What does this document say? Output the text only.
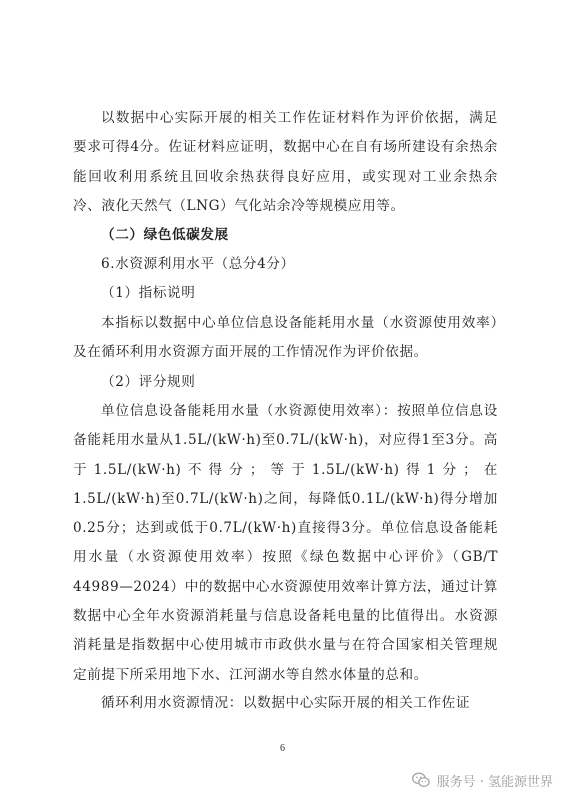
以数据中心实际开展的相关工作佐证材料作为评价依据，满足要求可得4分。佐证材料应证明，数据中心在自有场所建设有余热余能回收利用系统且回收余热获得良好应用，或实现对工业余热余冷、液化天然气（LNG）气化站余冷等规模应用等。

（二）绿色低碳发展

6.水资源利用水平（总分4分）

（1）指标说明

本指标以数据中心单位信息设备能耗用水量（水资源使用效率）及在循环利用水资源方面开展的工作情况作为评价依据。

（2）评分规则

单位信息设备能耗用水量（水资源使用效率）：按照单位信息设备能耗用水量从1.5L/(kW·h)至0.7L/(kW·h)，对应得1至3分。高于1.5L/(kW·h)不得分；等于1.5L/(kW·h)得1分；在1.5L/(kW·h)至0.7L/(kW·h)之间，每降低0.1L/(kW·h)得分增加0.25分；达到或低于0.7L/(kW·h)直接得3分。单位信息设备能耗用水量（水资源使用效率）按照《绿色数据中心评价》（GB/T 44989—2024）中的数据中心水资源使用效率计算方法，通过计算数据中心全年水资源消耗量与信息设备耗电量的比值得出。水资源消耗量是指数据中心使用城市市政供水量与在符合国家相关管理规定前提下所采用地下水、江河湖水等自然水体量的总和。

循环利用水资源情况：以数据中心实际开展的相关工作佐证

6
服务号 · 氢能源世界
